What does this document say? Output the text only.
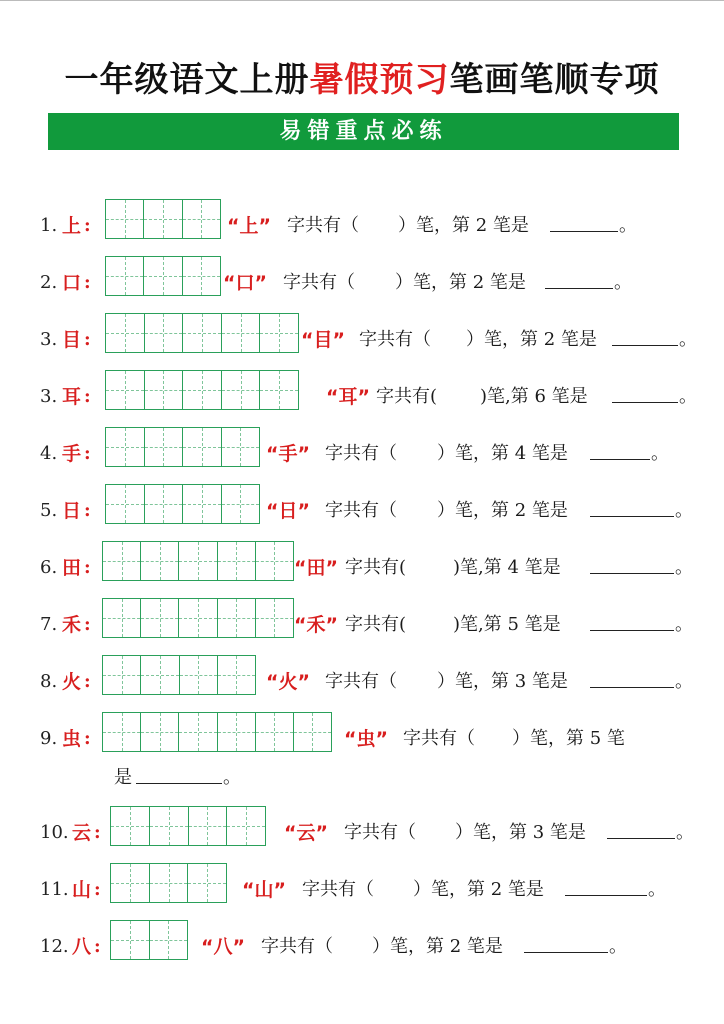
一年级语文上册暑假预习笔画笔顺专项
易错重点必练
1. 上 :	“上” 字共有（ ）笔，第 2 笔是	。
2. 口 :	“口” 字共有（ ）笔，第 2 笔是	。
3. 目 :	“目” 字共有（ ）笔，第 2 笔是	。
3. 耳 :	“耳” 字共有( )笔,第 6 笔是	。
4. 手 :	“手” 字共有（ ）笔，第 4 笔是	。
5. 日 :	“日” 字共有（ ）笔，第 2 笔是	。
6. 田 :	“田” 字共有(	)笔,第 4 笔是	。
7. 禾 :	“禾” 字共有(	)笔,第 5 笔是	。
8. 火 :	“火” 字共有（ ）笔，第 3 笔是	。
9. 虫 :	“虫” 字共有（ ）笔，第 5 笔
是	。
10. 云 :	“云” 字共有（ ）笔，第 3 笔是	。
11. 山 :	“山” 字共有（ ）笔，第 2 笔是	。
12. 八 :	“八” 字共有（ ）笔，第 2 笔是	。
